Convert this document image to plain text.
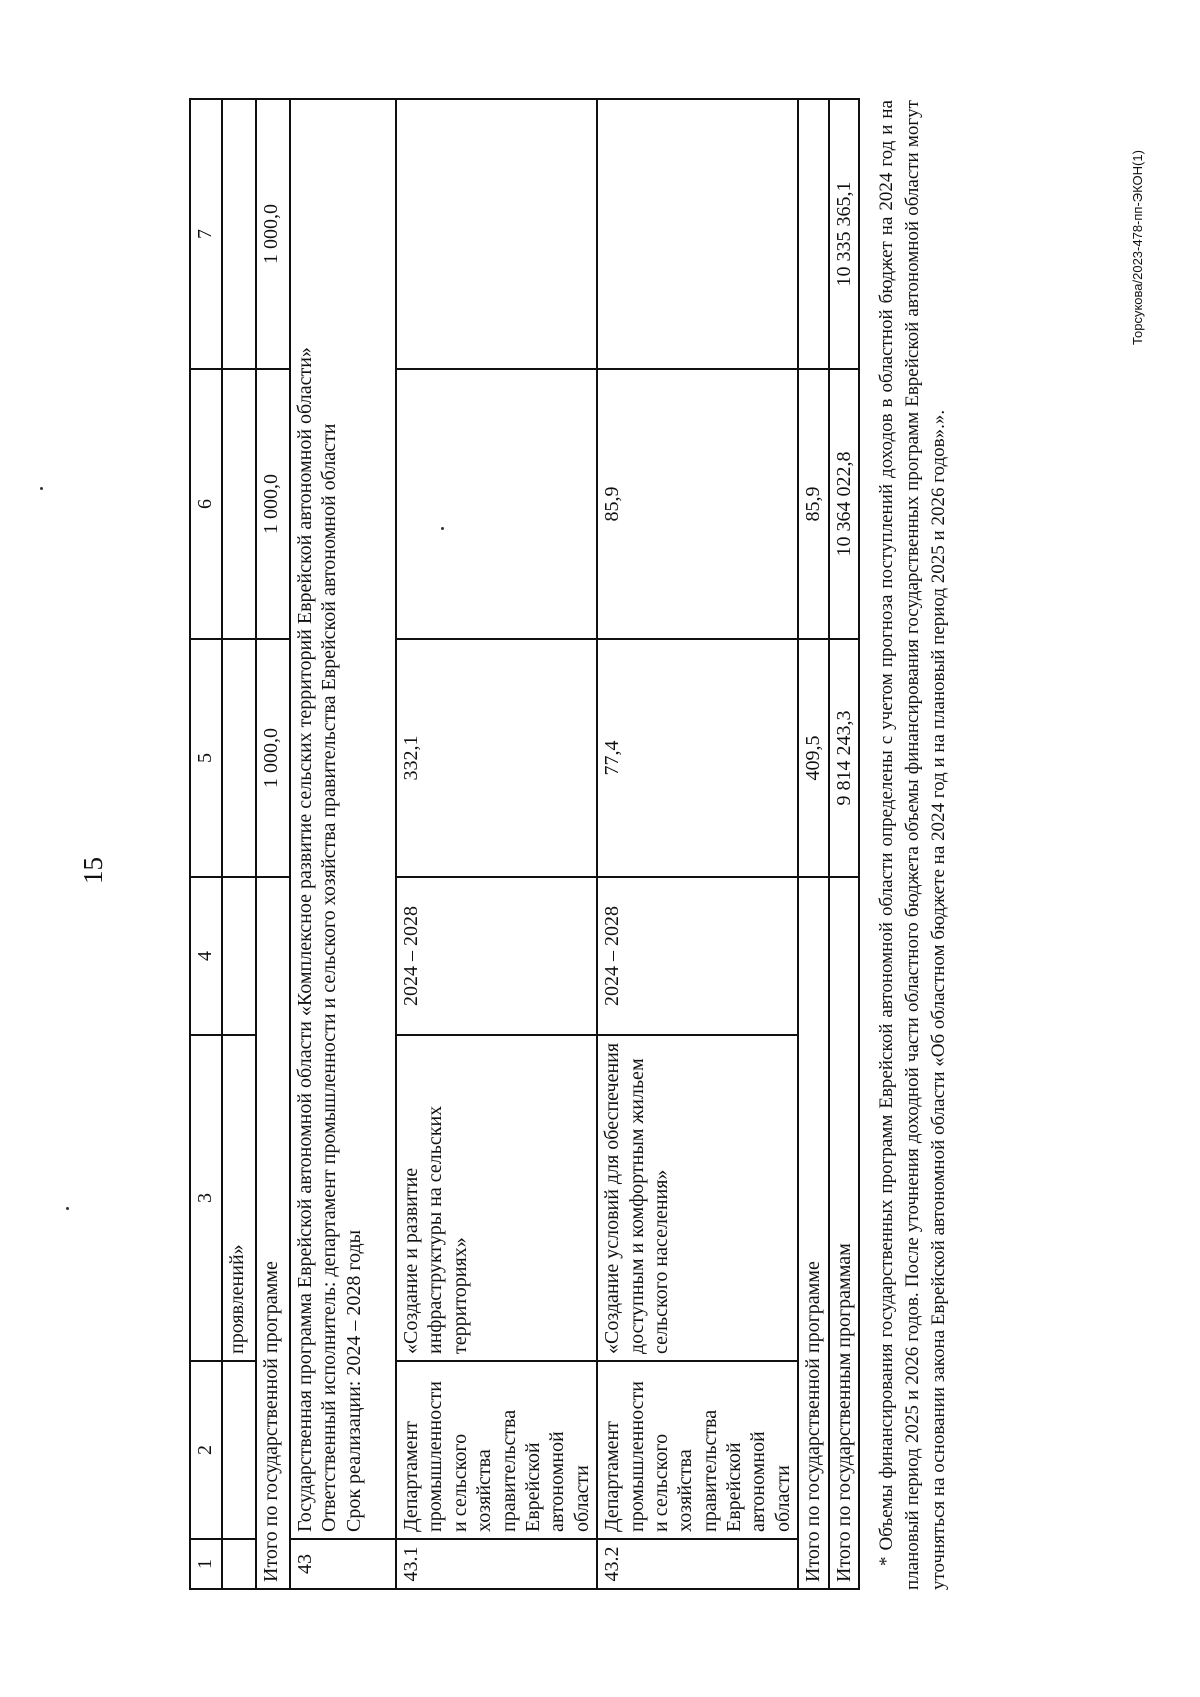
15
Торсукова/2023-478-пп-ЭКОН(1)
1	2	3	4	5	6	7
		проявлений»				
Итого по государственной программе				1 000,0	1 000,0	1 000,0
43	Государственная программа Еврейской автономной области «Комплексное развитие сельских территорий Еврейской автономной области» Ответственный исполнитель: департамент промышленности и сельского хозяйства правительства Еврейской автономной области Срок реализации: 2024 – 2028 годы					

43.1	Департамент промышленности и сельского хозяйства правительства Еврейской автономной области	«Создание и развитие инфраструктуры на сельских территориях»	2024 – 2028	332,1		
43.2	Департамент промышленности и сельского хозяйства правительства Еврейской автономной области	«Создание условий для обеспечения доступным и комфортным жильем сельского населения»	2024 – 2028	77,4	85,9	
Итого по государственной программе				409,5	85,9	
Итого по государственным программам				9 814 243,3	10 364 022,8	10 335 365,1 * Объемы финансирования государственных программ Еврейской автономной области определены с учетом прогноза поступлений доходов в областной бюджет на 2024 год и на плановый период 2025 и 2026 годов. После уточнения доходной части областного бюджета объемы финансирования государственных программ Еврейской автономной области могут уточняться на основании закона Еврейской автономной области «Об областном бюджете на 2024 год и на плановый период 2025 и 2026 годов».».
